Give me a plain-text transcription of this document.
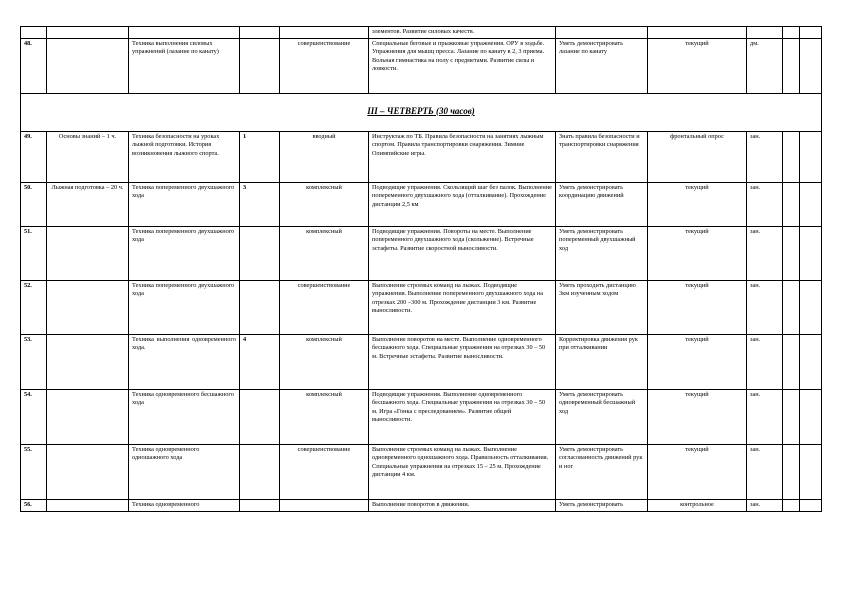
					элементов. Развитие силовых качеств.					
48.		Техника выполнения силовых упражнений (лазание по канату)		совершенствование	Специальные беговые и прыжковые упражнения. ОРУ в ходьбе. Упражнения для мышц пресса. Лазание по канату в 2, 3 приема. Вольная гимнастика на полу с предметами. Развитие силы и ловкости.	Уметь демонстрировать лазание по канату	текущий	дм.		
III – ЧЕТВЕРТЬ (30 часов)										
49.	Основы знаний – 1 ч.	Техника безопасности на уроках лыжной подготовки. История возникновения лыжного спорта.	1	вводный	Инструктаж по ТБ. Правила безопасности на занятиях лыжным спортом. Правила транспортировки снаряжения. Зимние Олимпийские игры.	Знать правила безопасности и транспортировки снаряжения	фронтальный опрос	зан.		
50.	Лыжная подготовка – 20 ч.	Техника попеременного двухшажного хода	3	комплексный	Подводящие упражнения. Скользящий шаг без палок. Выполнение попеременного двухшажного хода (отталкивание). Прохождение дистанции 2,5 км	Уметь демонстрировать координацию движений	текущий	зан.		
51.		Техника попеременного двухшажного хода		комплексный	Подводящие упражнения. Повороты на месте. Выполнение попеременного двухшажного хода (скольжение). Встречные эстафеты. Развитие скоростной выносливости.	Уметь демонстрировать попеременный двухшажный ход	текущий	зан.		
52.		Техника попеременного двухшажного хода		совершенствование	Выполнение строевых команд на лыжах. Подводящие упражнения. Выполнение попеременного двухшажного хода на отрезках 200 –300 м. Прохождение дистанции 3 км. Развитие выносливости.	Уметь проходить дистанцию 3км изученным ходом	текущий	зан.		
53.		Техника выполнения одновременного хода.	4	комплексный	Выполнение поворотов на месте. Выполнение одновременного бесшажного хода. Специальные упражнения на отрезках 30 – 50 м. Встречные эстафеты. Развитие выносливости.	Корректировка движения рук при отталкивании	текущий	зан.		
54.		Техника одновременного бесшажного хода		комплексный	Подводящие упражнения. Выполнение одновременного бесшажного хода. Специальные упражнения на отрезках 30 – 50 м. Игра «Гонка с преследованием». Развитие общей выносливости.	Уметь демонстрировать одновременный бесшажный ход	текущий	зан.		
55.		Техника одновременного одношажного хода		совершенствование	Выполнение строевых команд на лыжах. Выполнение одновременного одношажного хода. Правильность отталкивания. Специальные упражнения на отрезках 15 – 25 м. Прохождение дистанции 4 км.	Уметь демонстрировать согласованность движений рук и ног	текущий	зан.		
56.		Техника одновременного			Выполнение поворотов в движении.	Уметь демонстрировать	контрольное	зан.		
